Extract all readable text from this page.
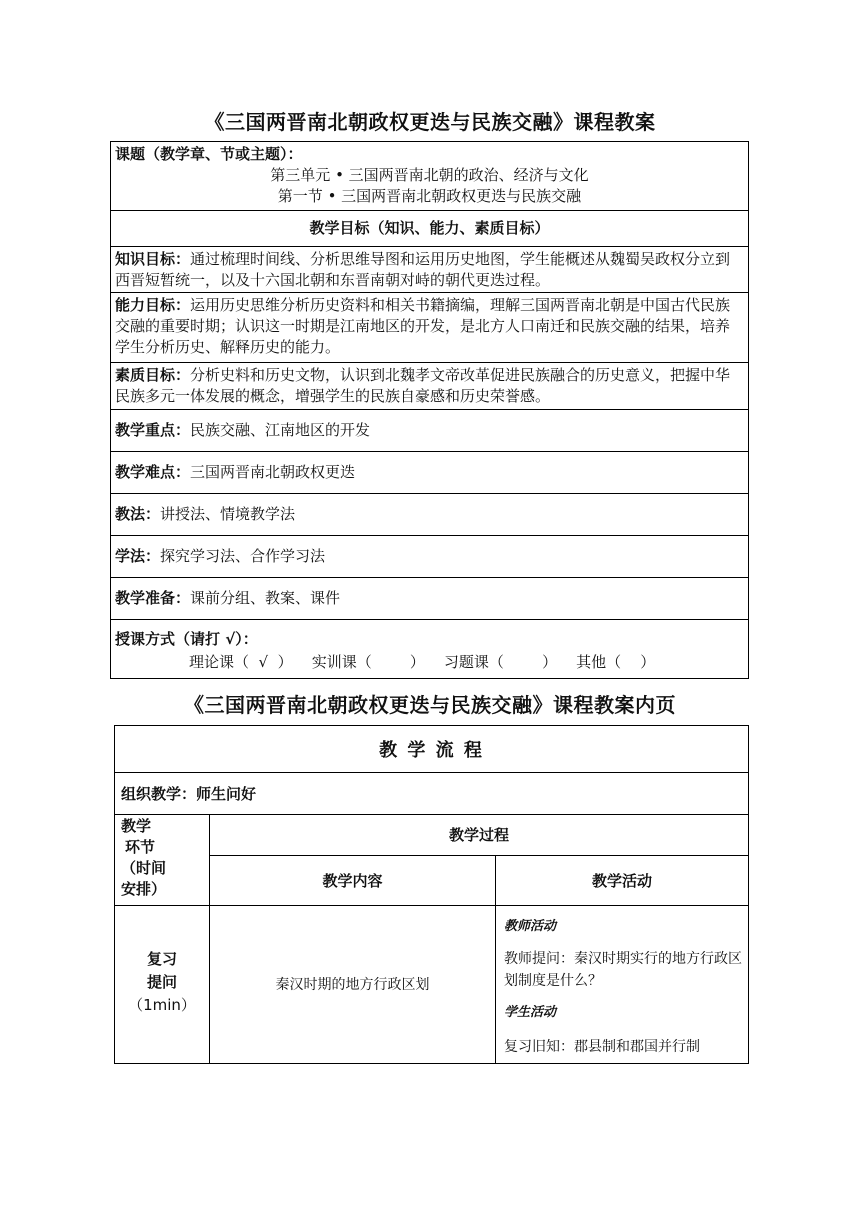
《三国两晋南北朝政权更迭与民族交融》课程教案
课题（教学章、节或主题）：
第三单元 • 三国两晋南北朝的政治、经济与文化
第一节 • 三国两晋南北朝政权更迭与民族交融
教学目标（知识、能力、素质目标）
知识目标：通过梳理时间线、分析思维导图和运用历史地图，学生能概述从魏蜀吴政权分立到西晋短暂统一，以及十六国北朝和东晋南朝对峙的朝代更迭过程。
能力目标：运用历史思维分析历史资料和相关书籍摘编，理解三国两晋南北朝是中国古代民族交融的重要时期；认识这一时期是江南地区的开发，是北方人口南迁和民族交融的结果，培养学生分析历史、解释历史的能力。
素质目标：分析史料和历史文物，认识到北魏孝文帝改革促进民族融合的历史意义，把握中华民族多元一体发展的概念，增强学生的民族自豪感和历史荣誉感。
教学重点： 民族交融、江南地区的开发
教学难点： 三国两晋南北朝政权更迭
教法： 讲授法、情境教学法
学法： 探究学习法、合作学习法
教学准备： 课前分组、教案、课件
授课方式（请打 √）：
理论课（  √  ）    实训课（        ）    习题课（        ）    其他（    ）
《三国两晋南北朝政权更迭与民族交融》课程教案内页
教 学 流 程
组织教学：师生问好
教学
环节
（时间
安排）
教学过程
教学内容	教学活动
复习
提问
（1min）
秦汉时期的地方行政区划
教师活动
教师提问：秦汉时期实行的地方行政区划制度是什么？
学生活动
复习旧知：郡县制和郡国并行制
